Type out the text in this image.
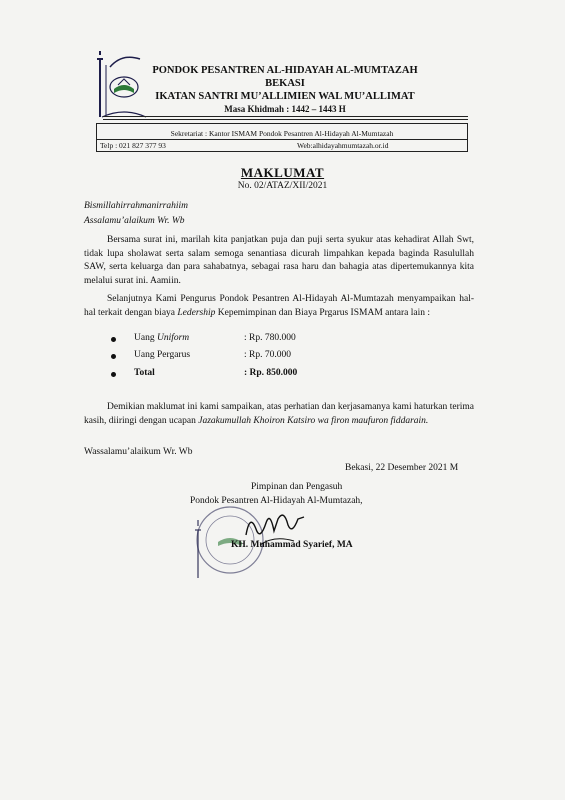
PONDOK PESANTREN AL-HIDAYAH AL-MUMTAZAH
BEKASI
IKATAN SANTRI MU’ALLIMIEN WAL MU’ALLIMAT
Masa Khidmah : 1442 – 1443 H
Sekretariat : Kantor ISMAM Pondok Pesantren Al-Hidayah Al-Mumtazah
Telp : 021 827 377 93	Web:alhidayahmumtazah.or.id
MAKLUMAT
No. 02/ATAZ/XII/2021
Bismillahirrahmanirrahiim
Assalamu’alaikum Wr. Wb
Bersama surat ini, marilah kita panjatkan puja dan puji serta syukur atas kehadirat Allah Swt, tidak lupa sholawat serta salam semoga senantiasa dicurah limpahkan kepada baginda Rasulullah SAW, serta keluarga dan para sahabatnya, sebagai rasa haru dan bahagia atas dipertemukannya kita melalui surat ini. Aamiin.
Selanjutnya Kami Pengurus Pondok Pesantren Al-Hidayah Al-Mumtazah menyampaikan hal- hal terkait dengan biaya Ledership Kepemimpinan dan Biaya Prgarus ISMAM antara lain :
Uang Uniform	: Rp. 780.000
Uang Pergarus	: Rp. 70.000
Total	: Rp. 850.000
Demikian maklumat ini kami sampaikan, atas perhatian dan kerjasamanya kami haturkan terima kasih, diiringi dengan ucapan Jazakumullah Khoiron Katsiro wa firon maufuron fiddarain.
Wassalamu’alaikum Wr. Wb
Bekasi, 22 Desember 2021 M
Pimpinan dan Pengasuh
Pondok Pesantren Al-Hidayah Al-Mumtazah,
KH. Muhammad Syarief, MA
